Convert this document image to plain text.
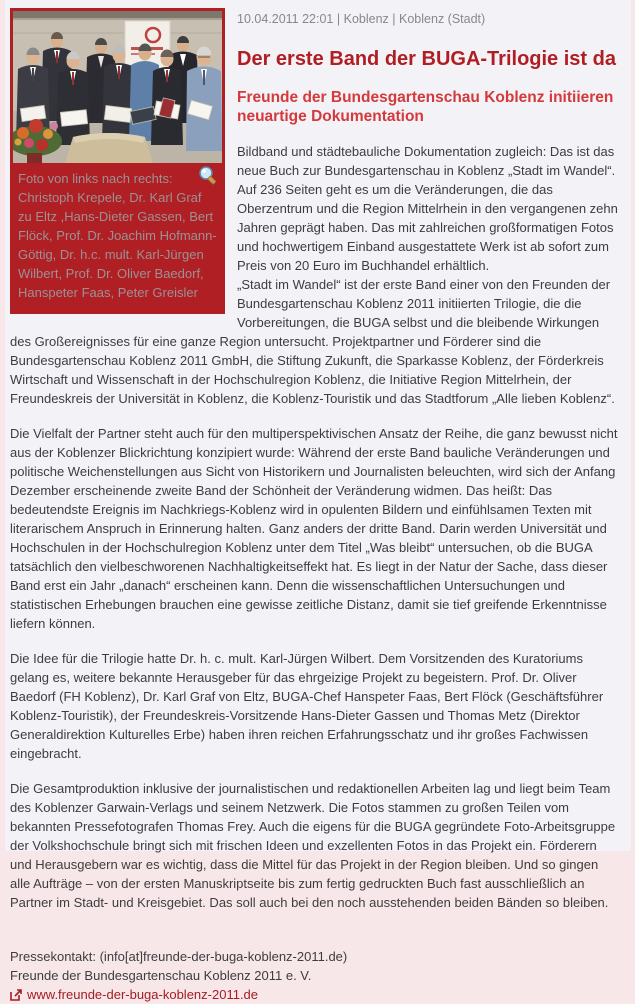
Foto von links nach rechts: Christoph Krepele, Dr. Karl Graf zu Eltz ,Hans-Dieter Gassen, Bert Flöck, Prof. Dr. Joachim Hofmann-Göttig, Dr. h.c. mult. Karl-Jürgen Wilbert, Prof. Dr. Oliver Baedorf, Hanspeter Faas, Peter Greisler
10.04.2011 22:01 | Koblenz | Koblenz (Stadt)
Der erste Band der BUGA-Trilogie ist da
Freunde der Bundesgartenschau Koblenz initiieren neuartige Dokumentation

Bildband und städtebauliche Dokumentation zugleich: Das ist das neue Buch zur Bundesgartenschau in Koblenz „Stadt im Wandel“. Auf 236 Seiten geht es um die Veränderungen, die das Oberzentrum und die Region Mittelrhein in den vergangenen zehn Jahren geprägt haben. Das mit zahlreichen großformatigen Fotos und hochwertigem Einband ausgestattete Werk ist ab sofort zum Preis von 20 Euro im Buchhandel erhältlich.

„Stadt im Wandel“ ist der erste Band einer von den Freunden der Bundesgartenschau Koblenz 2011 initiierten Trilogie, die die Vorbereitungen, die BUGA selbst und die bleibende Wirkungen des Großereignisses für eine ganze Region untersucht. Projektpartner und Förderer sind die Bundesgartenschau Koblenz 2011 GmbH, die Stiftung Zukunft, die Sparkasse Koblenz, der Förderkreis Wirtschaft und Wissenschaft in der Hochschulregion Koblenz, die Initiative Region Mittelrhein, der Freundeskreis der Universität in Koblenz, die Koblenz-Touristik und das Stadtforum „Alle lieben Koblenz“.

Die Vielfalt der Partner steht auch für den multiperspektivischen Ansatz der Reihe, die ganz bewusst nicht aus der Koblenzer Blickrichtung konzipiert wurde: Während der erste Band bauliche Veränderungen und politische Weichenstellungen aus Sicht von Historikern und Journalisten beleuchten, wird sich der Anfang Dezember erscheinende zweite Band der Schönheit der Veränderung widmen. Das heißt: Das bedeutendste Ereignis im Nachkriegs-Koblenz wird in opulenten Bildern und einfühlsamen Texten mit literarischem Anspruch in Erinnerung halten. Ganz anders der dritte Band. Darin werden Universität und Hochschulen in der Hochschulregion Koblenz unter dem Titel „Was bleibt“ untersuchen, ob die BUGA tatsächlich den vielbeschworenen Nachhaltigkeitseffekt hat. Es liegt in der Natur der Sache, dass dieser Band erst ein Jahr „danach“ erscheinen kann. Denn die wissenschaftlichen Untersuchungen und statistischen Erhebungen brauchen eine gewisse zeitliche Distanz, damit sie tief greifende Erkenntnisse liefern können.

Die Idee für die Trilogie hatte Dr. h. c. mult. Karl-Jürgen Wilbert. Dem Vorsitzenden des Kuratoriums gelang es, weitere bekannte Herausgeber für das ehrgeizige Projekt zu begeistern. Prof. Dr. Oliver Baedorf (FH Koblenz), Dr. Karl Graf von Eltz, BUGA-Chef Hanspeter Faas, Bert Flöck (Geschäftsführer Koblenz-Touristik), der Freundeskreis-Vorsitzende Hans-Dieter Gassen und Thomas Metz (Direktor Generaldirektion Kulturelles Erbe) haben ihren reichen Erfahrungsschatz und ihr großes Fachwissen eingebracht.

Die Gesamtproduktion inklusive der journalistischen und redaktionellen Arbeiten lag und liegt beim Team des Koblenzer Garwain-Verlags und seinem Netzwerk. Die Fotos stammen zu großen Teilen vom bekannten Pressefotografen Thomas Frey. Auch die eigens für die BUGA gegründete Foto-Arbeitsgruppe der Volkshochschule bringt sich mit frischen Ideen und exzellenten Fotos in das Projekt ein. Förderern und Herausgebern war es wichtig, dass die Mittel für das Projekt in der Region bleiben. Und so gingen alle Aufträge – von der ersten Manuskriptseite bis zum fertig gedruckten Buch fast ausschließlich an Partner im Stadt- und Kreisgebiet. Das soll auch bei den noch ausstehenden beiden Bänden so bleiben.

Pressekontakt: (info[at]freunde-der-buga-koblenz-2011.de)
Freunde der Bundesgartenschau Koblenz 2011 e. V.
www.freunde-der-buga-koblenz-2011.de
